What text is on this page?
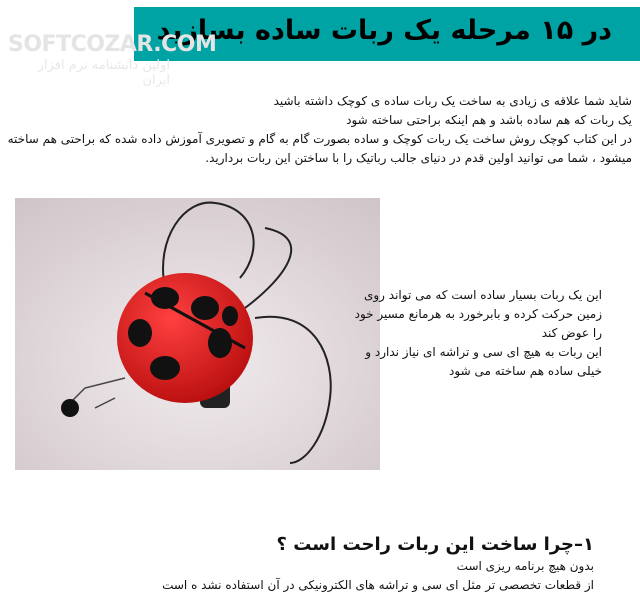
در ۱۵ مرحله یک ربات ساده بسازید
SOFTCOZAR.COM
اولین دانشنامه نرم افزار ایران
شاید شما علاقه ی زیادی به ساخت یک ربات ساده ی کوچک داشته باشید
یک ربات که هم ساده باشد و هم اینکه براحتی ساخته شود
در این کتاب کوچک روش ساخت یک ربات کوچک و ساده بصورت گام به گام و تصویری آموزش داده شده که براحتی هم ساخته
میشود ، شما می توانید اولین قدم در دنیای جالب رباتیک را با ساختن این ربات بردارید.
این یک ربات بسیار ساده است که می تواند روی
زمین حرکت کرده و بابرخورد به هرمانع مسیر خود
را عوض کند
این ربات به هیچ ای سی و تراشه ای نیاز ندارد و
خیلی ساده هم ساخته می شود
۱–چرا ساخت این ربات راحت است ؟
بدون هیچ برنامه ریزی است
از قطعات تخصصی تر مثل ای سی و تراشه های الکترونیکی در آن استفاده نشد ه است
